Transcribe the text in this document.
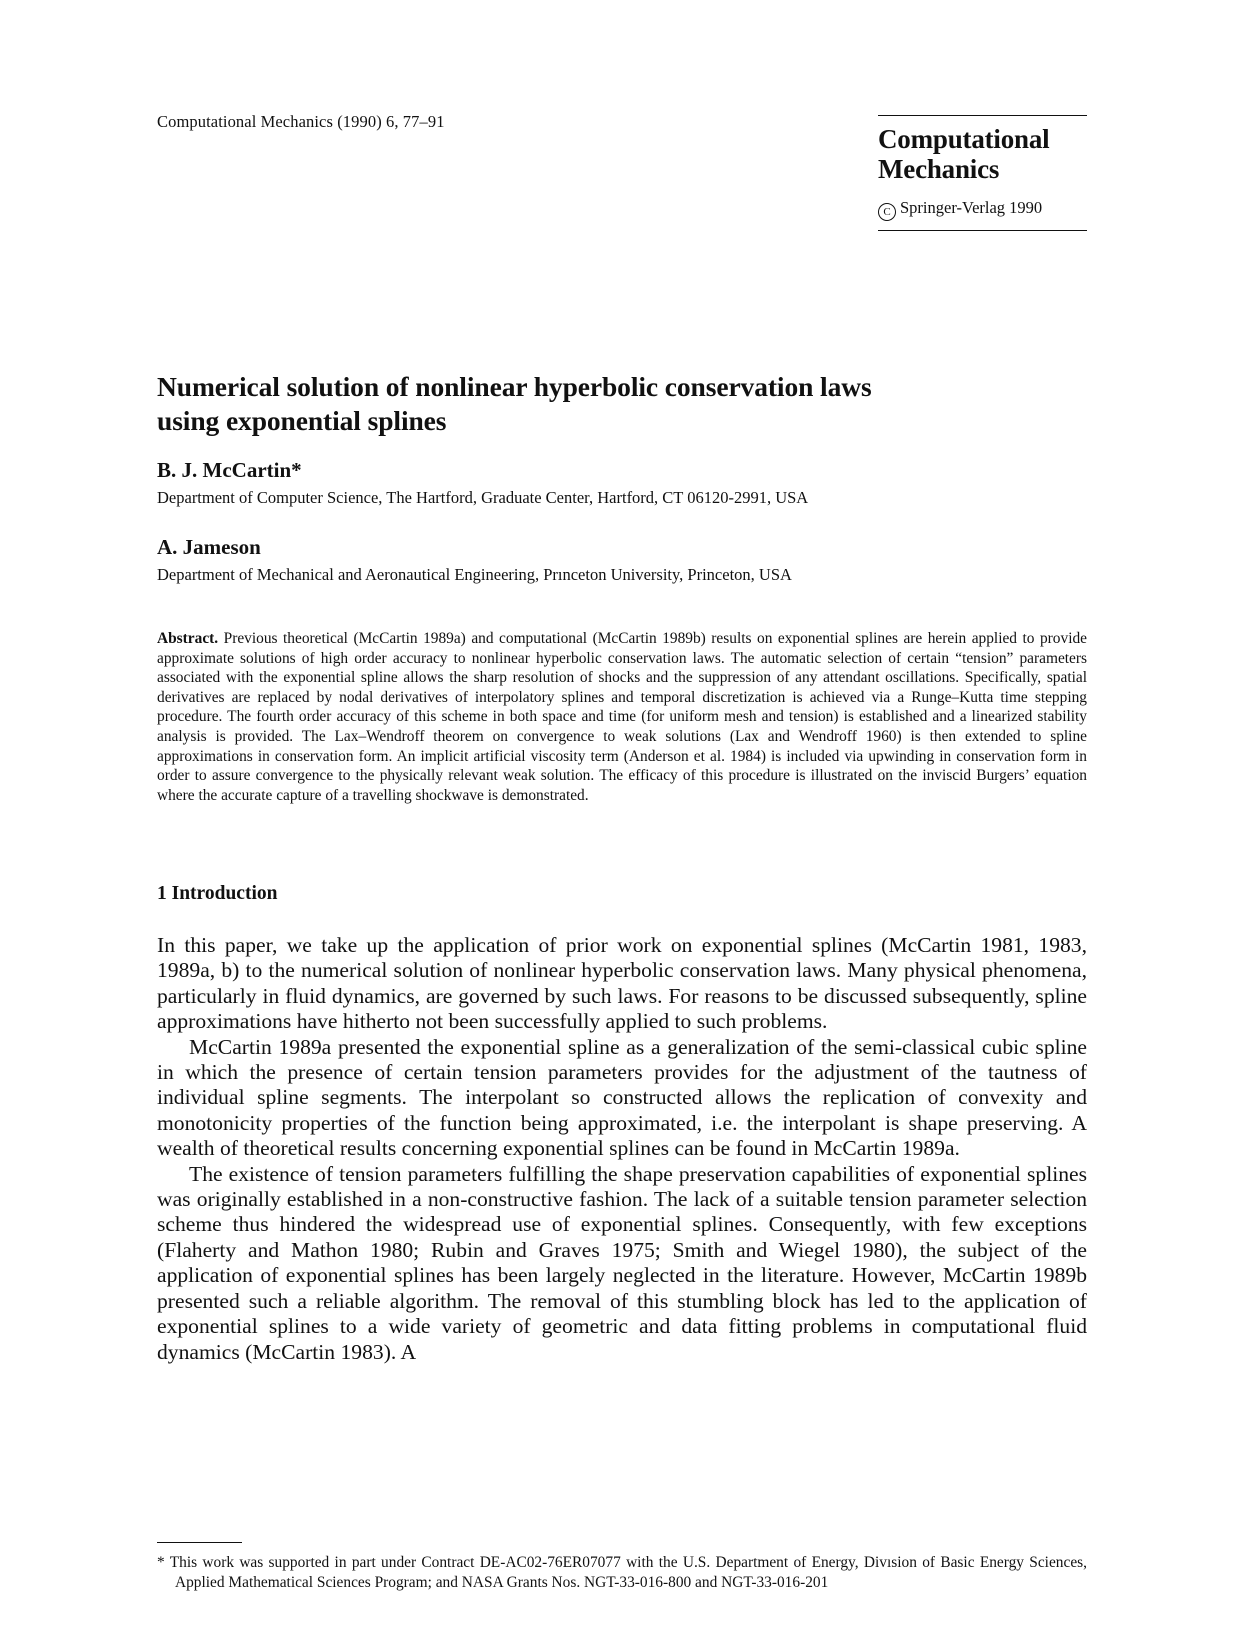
Computational Mechanics (1990) 6, 77–91
Computational
Mechanics
C Springer-Verlag 1990
Numerical solution of nonlinear hyperbolic conservation laws
using exponential splines
B. J. McCartin*
Department of Computer Science, The Hartford, Graduate Center, Hartford, CT 06120-2991, USA
A. Jameson
Department of Mechanical and Aeronautical Engineering, Prınceton University, Princeton, USA
Abstract. Previous theoretical (McCartin 1989a) and computational (McCartin 1989b) results on exponential splines are herein applied to provide approximate solutions of high order accuracy to nonlinear hyperbolic conservation laws. The automatic selection of certain “tension” parameters associated with the exponential spline allows the sharp resolution of shocks and the suppression of any attendant oscillations. Specifically, spatial derivatives are replaced by nodal derivatives of interpolatory splines and temporal discretization is achieved via a Runge–Kutta time stepping procedure. The fourth order accuracy of this scheme in both space and time (for uniform mesh and tension) is established and a linearized stability analysis is provided. The Lax–Wendroff theorem on convergence to weak solutions (Lax and Wendroff 1960) is then extended to spline approximations in conservation form. An implicit artificial viscosity term (Anderson et al. 1984) is included via upwinding in conservation form in order to assure convergence to the physically relevant weak solution. The efficacy of this procedure is illustrated on the inviscid Burgers’ equation where the accurate capture of a travelling shockwave is demonstrated.
1 Introduction

In this paper, we take up the application of prior work on exponential splines (McCartin 1981, 1983, 1989a, b) to the numerical solution of nonlinear hyperbolic conservation laws. Many physical phenomena, particularly in fluid dynamics, are governed by such laws. For reasons to be discussed subsequently, spline approximations have hitherto not been successfully applied to such problems.

McCartin 1989a presented the exponential spline as a generalization of the semi-classical cubic spline in which the presence of certain tension parameters provides for the adjustment of the tautness of individual spline segments. The interpolant so constructed allows the replication of convexity and monotonicity properties of the function being approximated, i.e. the interpolant is shape preserving. A wealth of theoretical results concerning exponential splines can be found in McCartin 1989a.

The existence of tension parameters fulfilling the shape preservation capabilities of exponential splines was originally established in a non-constructive fashion. The lack of a suitable tension parameter selection scheme thus hindered the widespread use of exponential splines. Consequently, with few exceptions (Flaherty and Mathon 1980; Rubin and Graves 1975; Smith and Wiegel 1980), the subject of the application of exponential splines has been largely neglected in the literature. However, McCartin 1989b presented such a reliable algorithm. The removal of this stumbling block has led to the application of exponential splines to a wide variety of geometric and data fitting problems in computational fluid dynamics (McCartin 1983). A

* This work was supported in part under Contract DE-AC02-76ER07077 with the U.S. Department of Energy, Divısion of Basic Energy Sciences, Applied Mathematical Sciences Program; and NASA Grants Nos. NGT-33-016-800 and NGT-33-016-201
